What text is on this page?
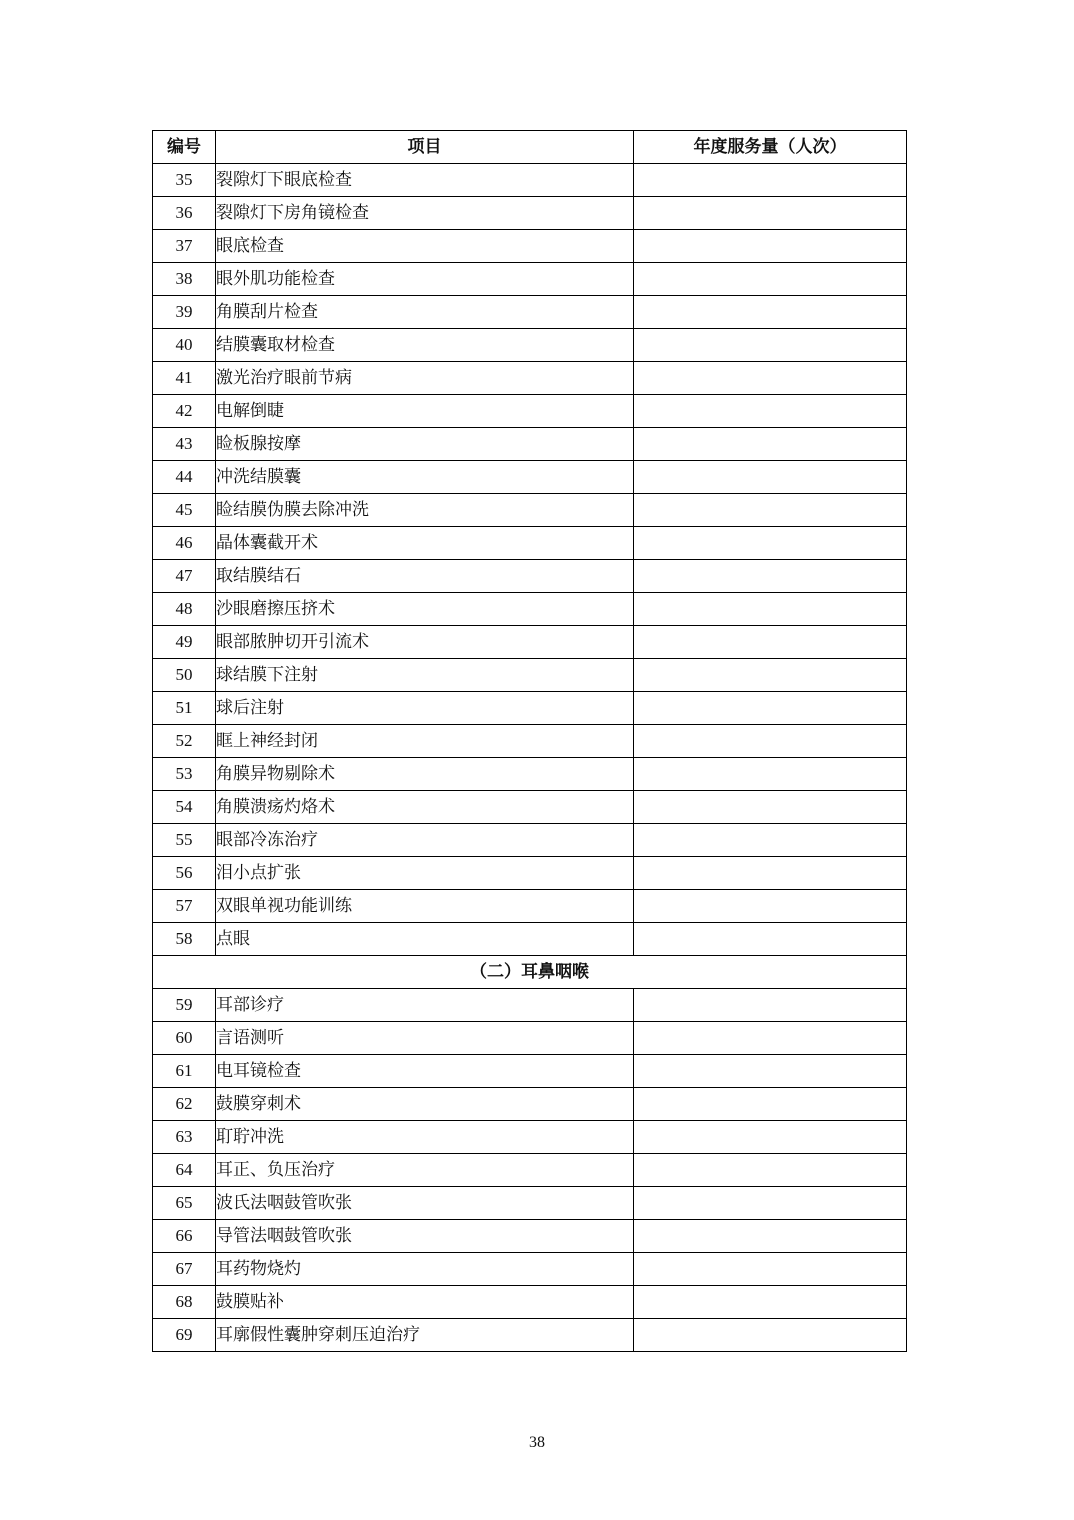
编号	项目	年度服务量（人次）
35	裂隙灯下眼底检查	
36	裂隙灯下房角镜检查	
37	眼底检查	
38	眼外肌功能检查	
39	角膜刮片检查	
40	结膜囊取材检查	
41	激光治疗眼前节病	
42	电解倒睫	
43	睑板腺按摩	
44	冲洗结膜囊	
45	睑结膜伪膜去除冲洗	
46	晶体囊截开术	
47	取结膜结石	
48	沙眼磨擦压挤术	
49	眼部脓肿切开引流术	
50	球结膜下注射	
51	球后注射	
52	眶上神经封闭	
53	角膜异物剔除术	
54	角膜溃疡灼烙术	
55	眼部冷冻治疗	
56	泪小点扩张	
57	双眼单视功能训练	
58	点眼	
（二）耳鼻咽喉		
59	耳部诊疗	
60	言语测听	
61	电耳镜检查	
62	鼓膜穿刺术	
63	耵聍冲洗	
64	耳正、负压治疗	
65	波氏法咽鼓管吹张	
66	导管法咽鼓管吹张	
67	耳药物烧灼	
68	鼓膜贴补	
69	耳廓假性囊肿穿刺压迫治疗	
38
